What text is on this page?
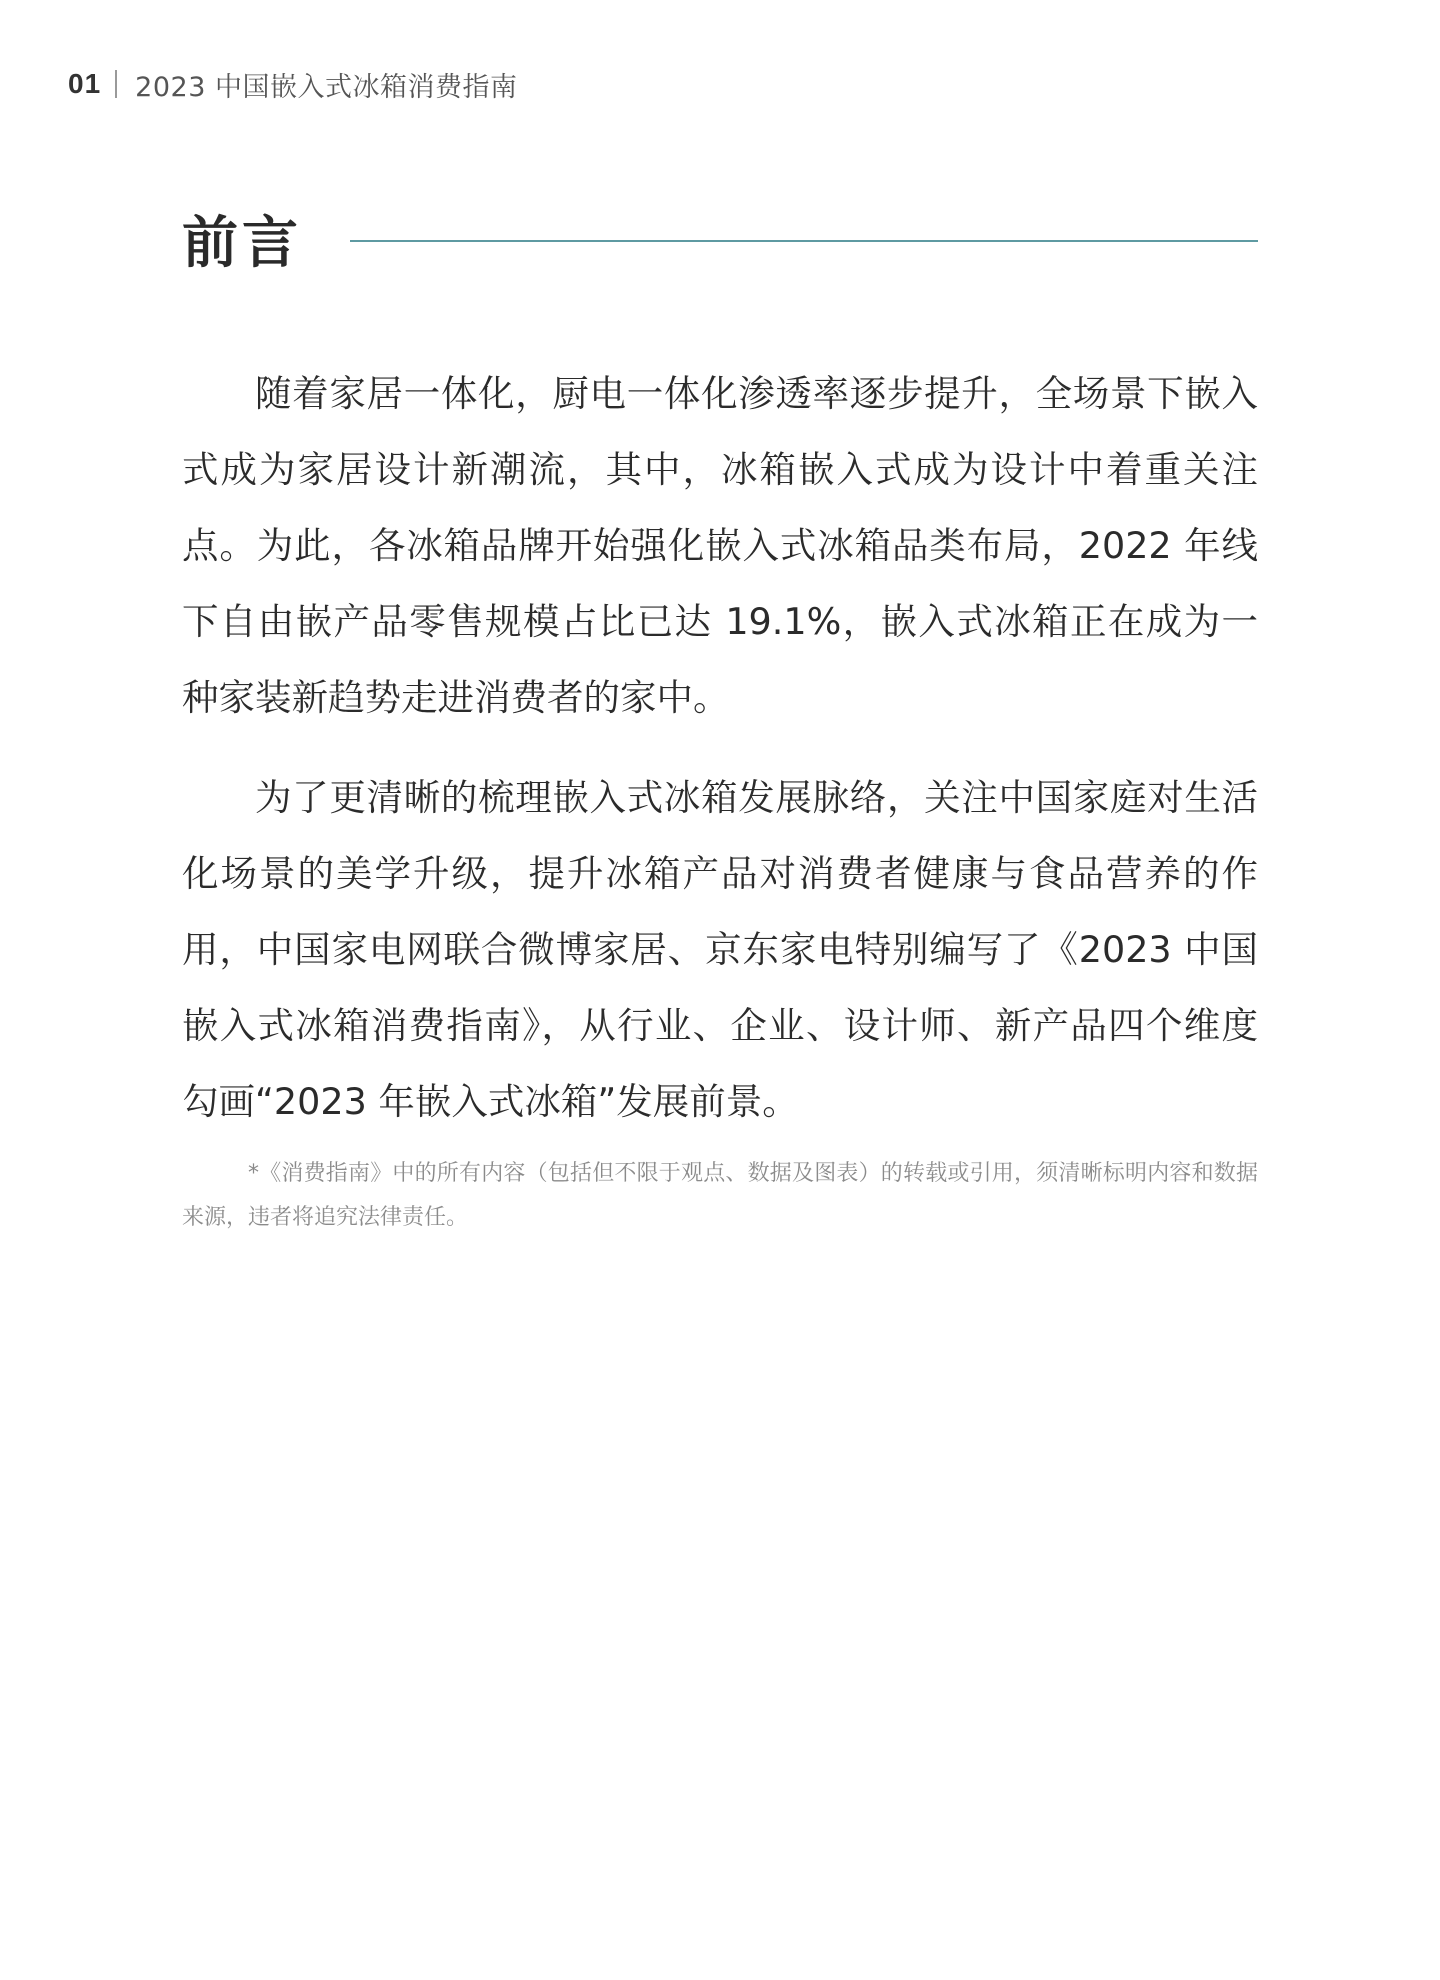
01 2023 中国嵌入式冰箱消费指南
前言

随着家居一体化，厨电一体化渗透率逐步提升，全场景下嵌入式成为家居设计新潮流，其中，冰箱嵌入式成为设计中着重关注点。为此，各冰箱品牌开始强化嵌入式冰箱品类布局，2022 年线下自由嵌产品零售规模占比已达 19.1%，嵌入式冰箱正在成为一种家装新趋势走进消费者的家中。

为了更清晰的梳理嵌入式冰箱发展脉络，关注中国家庭对生活化场景的美学升级，提升冰箱产品对消费者健康与食品营养的作用，中国家电网联合微博家居、京东家电特别编写了《2023 中国嵌入式冰箱消费指南》，从行业、企业、设计师、新产品四个维度勾画“2023 年嵌入式冰箱”发展前景。

*《消费指南》中的所有内容（包括但不限于观点、数据及图表）的转载或引用，须清晰标明内容和数据来源，违者将追究法律责任。
